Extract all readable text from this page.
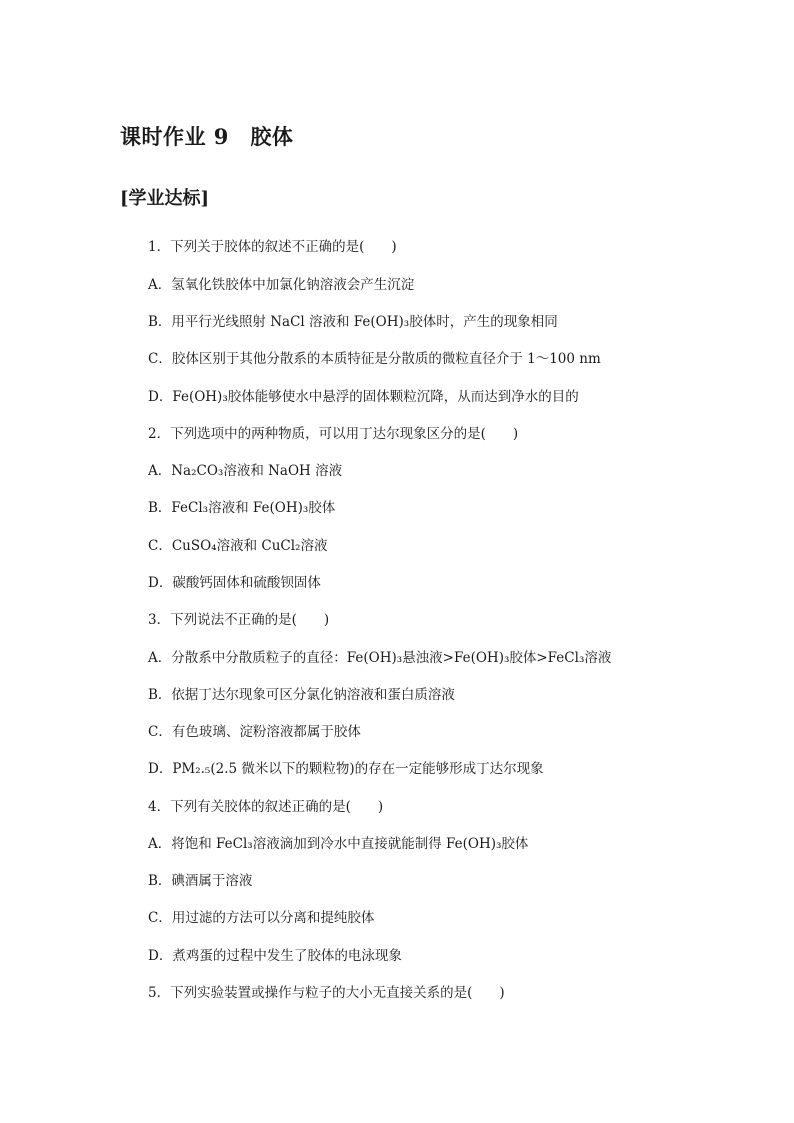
课时作业 9　胶体
[学业达标]
1．下列关于胶体的叙述不正确的是(　　)
A．氢氧化铁胶体中加氯化钠溶液会产生沉淀
B．用平行光线照射 NaCl 溶液和 Fe(OH)₃胶体时，产生的现象相同
C．胶体区别于其他分散系的本质特征是分散质的微粒直径介于 1～100 nm
D．Fe(OH)₃胶体能够使水中悬浮的固体颗粒沉降，从而达到净水的目的
2．下列选项中的两种物质，可以用丁达尔现象区分的是(　　)
A．Na₂CO₃溶液和 NaOH 溶液
B．FeCl₃溶液和 Fe(OH)₃胶体
C．CuSO₄溶液和 CuCl₂溶液
D．碳酸钙固体和硫酸钡固体
3．下列说法不正确的是(　　)
A．分散系中分散质粒子的直径：Fe(OH)₃悬浊液>Fe(OH)₃胶体>FeCl₃溶液
B．依据丁达尔现象可区分氯化钠溶液和蛋白质溶液
C．有色玻璃、淀粉溶液都属于胶体
D．PM₂.₅(2.5 微米以下的颗粒物)的存在一定能够形成丁达尔现象
4．下列有关胶体的叙述正确的是(　　)
A．将饱和 FeCl₃溶液滴加到冷水中直接就能制得 Fe(OH)₃胶体
B．碘酒属于溶液
C．用过滤的方法可以分离和提纯胶体
D．煮鸡蛋的过程中发生了胶体的电泳现象
5．下列实验装置或操作与粒子的大小无直接关系的是(　　)
